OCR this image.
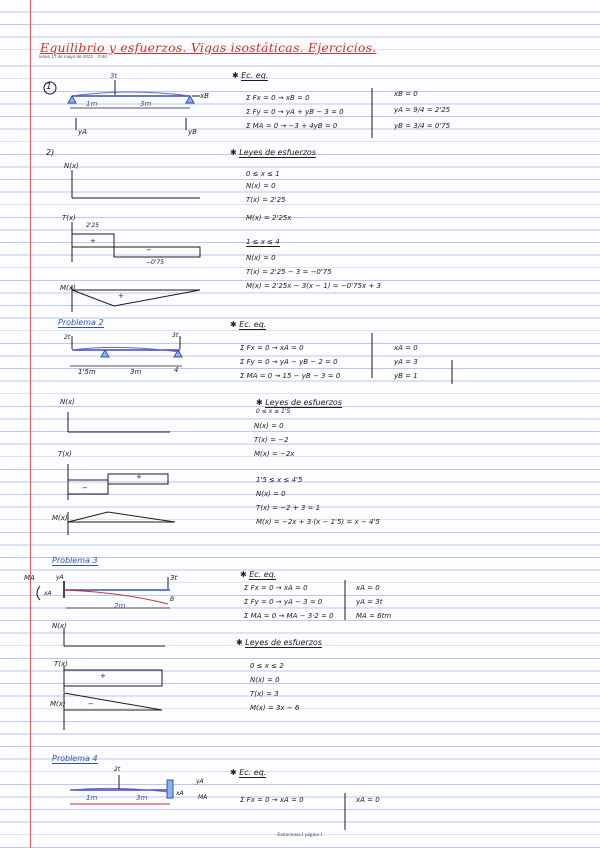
Equilibrio y esfuerzos. Vigas isostáticas. Ejercicios.
lunes 17 de mayo de 2021 0:40
1
3t
1m	3m
xB
yA	yB
✱ Ec. eq.
Σ Fx = 0 → xB = 0
Σ Fy = 0 → yA + yB − 3 = 0
Σ MA = 0 → −3 + 4yB = 0
xB = 0
yA = 9/4 = 2'25
yB = 3/4 = 0'75
2)
N(x)
T(x)
M(x)
2'25
−0'75
+
−
+
✱ Leyes de esfuerzos
0 ≤ x ≤ 1
N(x) = 0
T(x) = 2'25
M(x) = 2'25x
1 ≤ x ≤ 4
N(x) = 0
T(x) = 2'25 − 3 = −0'75
M(x) = 2'25x − 3(x − 1) = −0'75x + 3
Problema 2
2t	3t
1'5m	3m	4
✱ Ec. eq.
Σ Fx = 0 → xA = 0
Σ Fy = 0 → yA − yB − 2 = 0
Σ MA = 0 → 15 − yB − 3 = 0
xA = 0
yA = 3
yB = 1
N(x)
T(x)
M(x)
−
+
✱ Leyes de esfuerzos
0 ≤ x ≤ 1'5
N(x) = 0
T(x) = −2
M(x) = −2x
1'5 ≤ x ≤ 4'5
N(x) = 0
T(x) = −2 + 3 = 1
M(x) = −2x + 3·(x − 1'5) = x − 4'5
Problema 3
MA
xA
yA
2m
3t
B
✱ Ec. eq.
Σ Fx = 0 → xA = 0
Σ Fy = 0 → yA − 3 = 0
Σ MA = 0 → MA − 3·2 = 0
xA = 0
yA = 3t
MA = 6tm
N(x)
T(x)
M(x)
+
−
✱ Leyes de esfuerzos
0 ≤ x ≤ 2
N(x) = 0
T(x) = 3
M(x) = 3x − 6
Problema 4
2t
1m	3m
xA
yA
MA
✱ Ec. eq.
Σ Fx = 0 → xA = 0	xA = 0
Estructuras I página 1
